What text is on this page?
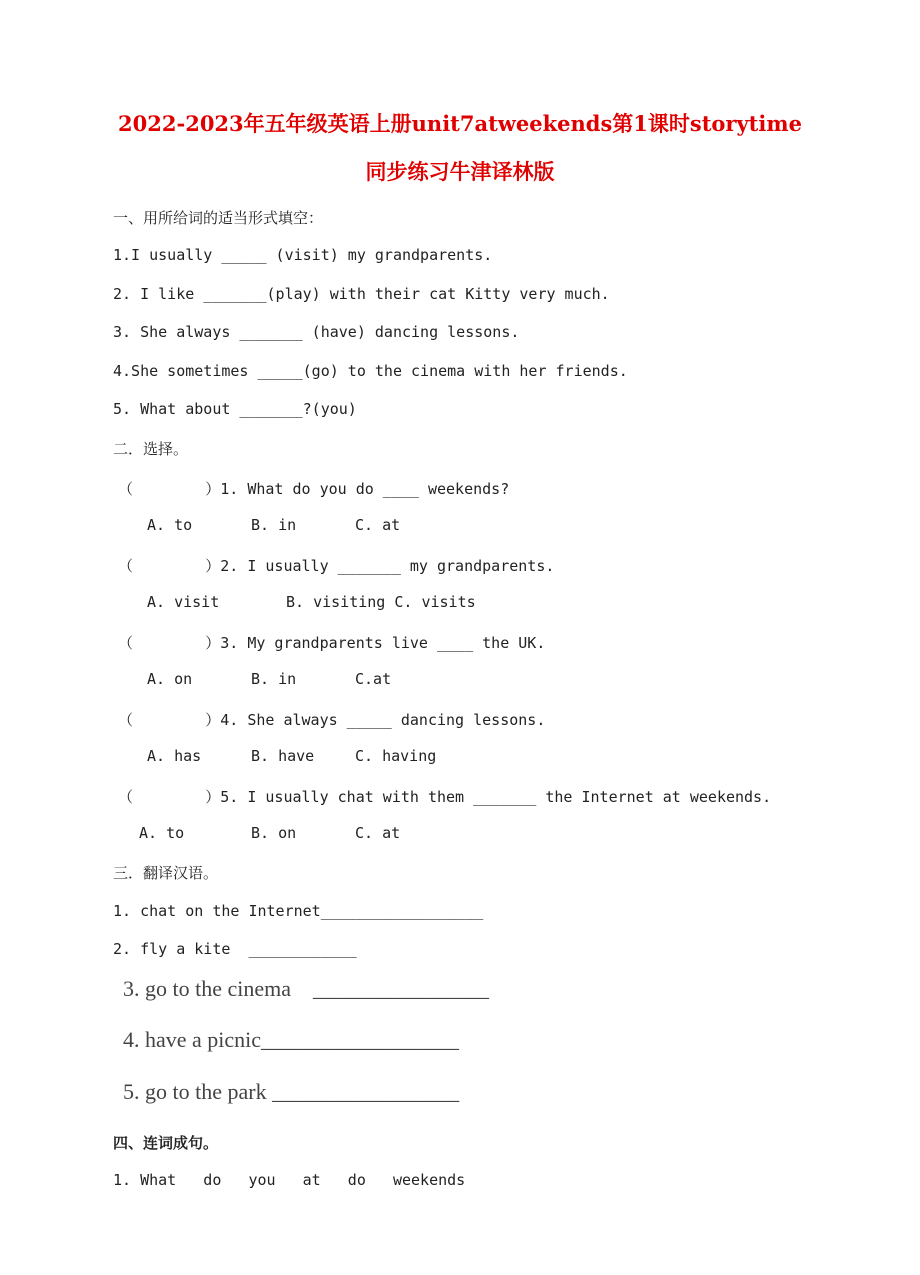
2022-2023年五年级英语上册unit7atweekends第1课时storytime
同步练习牛津译林版
一、用所给词的适当形式填空：
1.I usually _____ (visit) my grandparents.
2. I like _______(play) with their cat Kitty very much.
3. She always _______ (have) dancing lessons.
4.She sometimes _____(go) to the cinema with her friends.
5. What about _______?(you)
二．选择。
（        ）1. What do you do ____ weekends?
A. to	B. in	C. at
（        ）2. I usually _______ my grandparents.
A. visit	B. visiting C. visits
（        ）3. My grandparents live ____ the UK.
A. on	B. in	C.at
（        ）4. She always _____ dancing lessons.
A. has	B. have	C. having
（        ）5. I usually chat with them _______ the Internet at weekends.
A. to	B. on	C. at
三．翻译汉语。
1. chat on the Internet__________________
2. fly a kite  ____________
3. go to the cinema    ________________
4. have a picnic__________________
5. go to the park _________________
四、连词成句。
1. What   do   you   at   do   weekends
